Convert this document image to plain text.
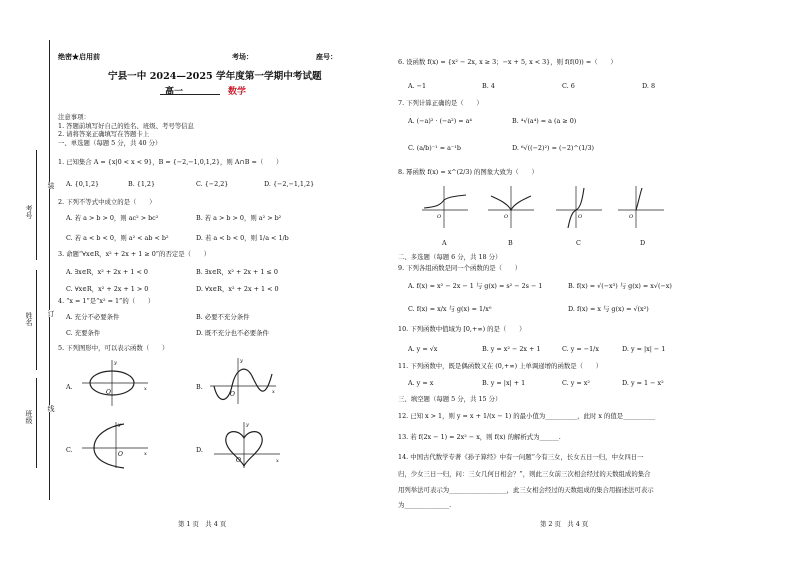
考号
姓名
班级
装
订
线
绝密★启用前	考场：	座号：
宁县一中 2024—2025 学年度第一学期中考试题
高一	数学
注意事项：
1. 答题前填写好自己的姓名、班级、考号等信息
2. 请将答案正确填写在答题卡上
一、单选题（每题 5 分，共 40 分）
1. 已知集合 A = {x|0 < x < 9}，B = {−2,−1,0,1,2}，则 A∩B =（　　）
A. {0,1,2}	B. {1,2}	C. {−2,2}	D. {−2,−1,1,2}
2. 下列不等式中成立的是（　　）
A. 若 a > b > 0，则 ac² > bc²	B. 若 a > b > 0，则 a² > b²
C. 若 a < b < 0，则 a² < ab < b²	D. 若 a < b < 0，则 1/a < 1/b
3. 命题“∀x∈R，x² + 2x + 1 ≥ 0”的否定是（　　）
A. ∃x∈R，x² + 2x + 1 < 0	B. ∃x∈R，x² + 2x + 1 ≤ 0
C. ∀x∈R，x² + 2x + 1 > 0	D. ∀x∈R，x² + 2x + 1 < 0
4. “x = 1”是“x² = 1”的（　　）
A. 充分不必要条件	B. 必要不充分条件
C. 充要条件	D. 既不充分也不必要条件
5. 下列图形中，可以表示函数（　　）
A.	B.
C.	D.
O	x
y
O	x
y
O	x
y
O	x
y
第 1 页　共 4 页
6. 设函数 f(x) = {x² − 2x, x ≥ 3；−x + 5, x < 3}，则 f(f(0)) =（　　）
A. −1	B. 4	C. 6	D. 8
7. 下列计算正确的是（　　）
A. (−a)² · (−a²) = a⁴	B. ⁴√(a⁴) = a (a ≥ 0)
C. (a/b)⁻¹ = a⁻¹b	D. ⁶√((−2)²) = (−2)^(1/3)
8. 幂函数 f(x) = x^(2/3) 的图象大致为（　　）
O	O	O	O
A	B	C	D
二、多选题（每题 6 分，共 18 分）
9. 下列各组函数是同一个函数的是（　　）
A. f(x) = x² − 2x − 1 与 g(x) = s² − 2s − 1	B. f(x) = √(−x³) 与 g(x) = x√(−x)
C. f(x) = x/x 与 g(x) = 1/x⁰	D. f(x) = x 与 g(x) = √(x²)
10. 下列函数中值域为 [0,+∞) 的是（　　）
A. y = √x	B. y = x² − 2x + 1	C. y = −1/x	D. y = |x| − 1
11. 下列函数中，既是偶函数又在 (0,+∞) 上单调递增的函数是（　　）
A. y = x	B. y = |x| + 1	C. y = x²	D. y = 1 − x²
三、填空题（每题 5 分，共 15 分）
12. 已知 x > 1，则 y = x + 1/(x − 1) 的最小值为__________，此时 x 的值是__________
13. 若 f(2x − 1) = 2x² − x，则 f(x) 的解析式为______.
14. 中国古代数学专著《孙子算经》中有一问题“今有三女，长女五日一归，中女四日一
归，少女三日一归，问：三女几何日相会？”，则此三女前三次相会经过的天数组成的集合
用列举法可表示为__________________，此三女相会经过的天数组成的集合用描述法可表示
为______________.
第 2 页　共 4 页
